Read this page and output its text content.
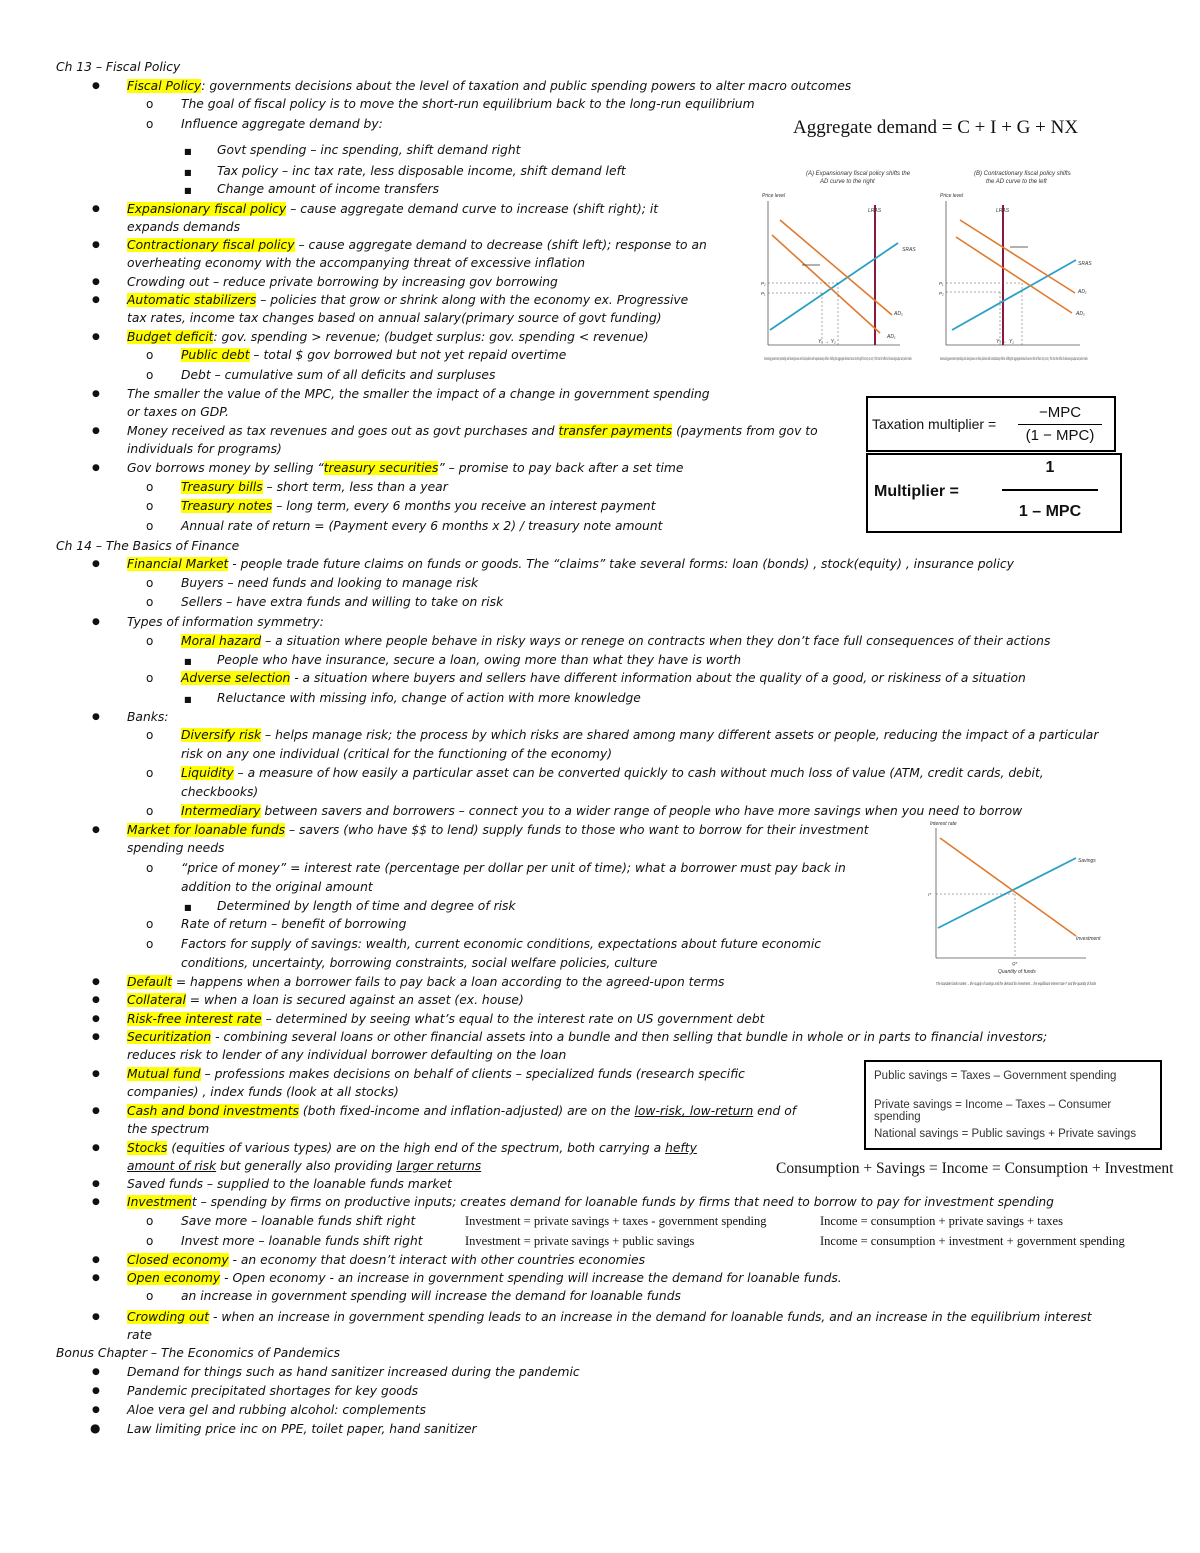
Ch 13 – Fiscal Policy
● Fiscal Policy: governments decisions about the level of taxation and public spending powers to alter macro outcomes
o The goal of fiscal policy is to move the short-run equilibrium back to the long-run equilibrium
o Influence aggregate demand by:
■ Govt spending – inc spending, shift demand right
■ Tax policy – inc tax rate, less disposable income, shift demand left
■ Change amount of income transfers
● Expansionary fiscal policy – cause aggregate demand curve to increase (shift right); it
expands demands
● Contractionary fiscal policy – cause aggregate demand to decrease (shift left); response to an
overheating economy with the accompanying threat of excessive inflation
● Crowding out – reduce private borrowing by increasing gov borrowing
● Automatic stabilizers – policies that grow or shrink along with the economy ex. Progressive
tax rates, income tax changes based on annual salary(primary source of govt funding)
● Budget deficit: gov. spending > revenue; (budget surplus: gov. spending < revenue)
o Public debt – total $ gov borrowed but not yet repaid overtime
o Debt – cumulative sum of all deficits and surpluses
● The smaller the value of the MPC, the smaller the impact of a change in government spending
or taxes on GDP.
● Money received as tax revenues and goes out as govt purchases and transfer payments (payments from gov to
individuals for programs)
● Gov borrows money by selling “treasury securities” – promise to pay back after a set time
o Treasury bills – short term, less than a year
o Treasury notes – long term, every 6 months you receive an interest payment
o Annual rate of return = (Payment every 6 months x 2) / treasury note amount
Ch 14 – The Basics of Finance
● Financial Market - people trade future claims on funds or goods. The “claims” take several forms: loan (bonds) , stock(equity) , insurance policy
o Buyers – need funds and looking to manage risk
o Sellers – have extra funds and willing to take on risk
● Types of information symmetry:
o Moral hazard – a situation where people behave in risky ways or renege on contracts when they don’t face full consequences of their actions
■ People who have insurance, secure a loan, owing more than what they have is worth
o Adverse selection - a situation where buyers and sellers have different information about the quality of a good, or riskiness of a situation
■ Reluctance with missing info, change of action with more knowledge
● Banks:
o Diversify risk – helps manage risk; the process by which risks are shared among many different assets or people, reducing the impact of a particular
risk on any one individual (critical for the functioning of the economy)
o Liquidity – a measure of how easily a particular asset can be converted quickly to cash without much loss of value (ATM, credit cards, debit,
checkbooks)
o Intermediary between savers and borrowers – connect you to a wider range of people who have more savings when you need to borrow
● Market for loanable funds – savers (who have $$ to lend) supply funds to those who want to borrow for their investment
spending needs
o “price of money” = interest rate (percentage per dollar per unit of time); what a borrower must pay back in
addition to the original amount
■ Determined by length of time and degree of risk
o Rate of return – benefit of borrowing
o Factors for supply of savings: wealth, current economic conditions, expectations about future economic
conditions, uncertainty, borrowing constraints, social welfare policies, culture
● Default = happens when a borrower fails to pay back a loan according to the agreed-upon terms
● Collateral = when a loan is secured against an asset (ex. house)
● Risk-free interest rate – determined by seeing what’s equal to the interest rate on US government debt
● Securitization - combining several loans or other financial assets into a bundle and then selling that bundle in whole or in parts to financial investors;
reduces risk to lender of any individual borrower defaulting on the loan
● Mutual fund – professions makes decisions on behalf of clients – specialized funds (research specific
companies) , index funds (look at all stocks)
● Cash and bond investments (both fixed-income and inflation-adjusted) are on the low-risk, low-return end of
the spectrum
● Stocks (equities of various types) are on the high end of the spectrum, both carrying a hefty
amount of risk but generally also providing larger returns
● Saved funds – supplied to the loanable funds market
● Investment – spending by firms on productive inputs; creates demand for loanable funds by firms that need to borrow to pay for investment spending
o Save more – loanable funds shift right
o Invest more – loanable funds shift right
● Closed economy - an economy that doesn’t interact with other countries economies
● Open economy - Open economy - an increase in government spending will increase the demand for loanable funds.
o an increase in government spending will increase the demand for loanable funds
● Crowding out - when an increase in government spending leads to an increase in the demand for loanable funds, and an increase in the equilibrium interest
rate
Bonus Chapter – The Economics of Pandemics
● Demand for things such as hand sanitizer increased during the pandemic
● Pandemic precipitated shortages for key goods
● Aloe vera gel and rubbing alcohol: complements
● Law limiting price inc on PPE, toilet paper, hand sanitizer
Aggregate demand = C + I + G + NX
(A) Expansionary fiscal policy shifts the
AD curve to the right
(B) Contractionary fiscal policy shifts
the AD curve to the left
Price level
LRAS
SRAS
AD₁
AD₂
P₂
P₁
Y₁ → Y₂
Increasing government spending and lowering taxes are fiscal policies with expansionary effects, shifting the aggregate demand curve to the right from AD₁ to AD₂. This has the effect of increasing output and price levels.
Price level
LRAS
SRAS
AD₁
AD₂
P₁
P₂
Y₂ ← Y₁
Decreasing government spending and raising taxes are fiscal policies with contractionary effects, shifting the aggregate demand curve to the left from AD₁ to AD₂. This has the effect of decreasing output and price levels.
Taxation multiplier =
−MPC
(1 − MPC)
Multiplier =
1
1 – MPC
Interest rate
Savings
Investment
r*
Q*
Quantity of funds
The loanable funds market ... the supply of savings and the demand for investment ... the equilibrium interest rate r* and the quantity of funds
Public savings = Taxes – Government spending
Private savings = Income – Taxes – Consumer spending
National savings = Public savings + Private savings
Consumption + Savings = Income = Consumption + Investment
Investment = private savings + taxes - government spending
Investment = private savings + public savings
Income = consumption + private savings + taxes
Income = consumption + investment + government spending
